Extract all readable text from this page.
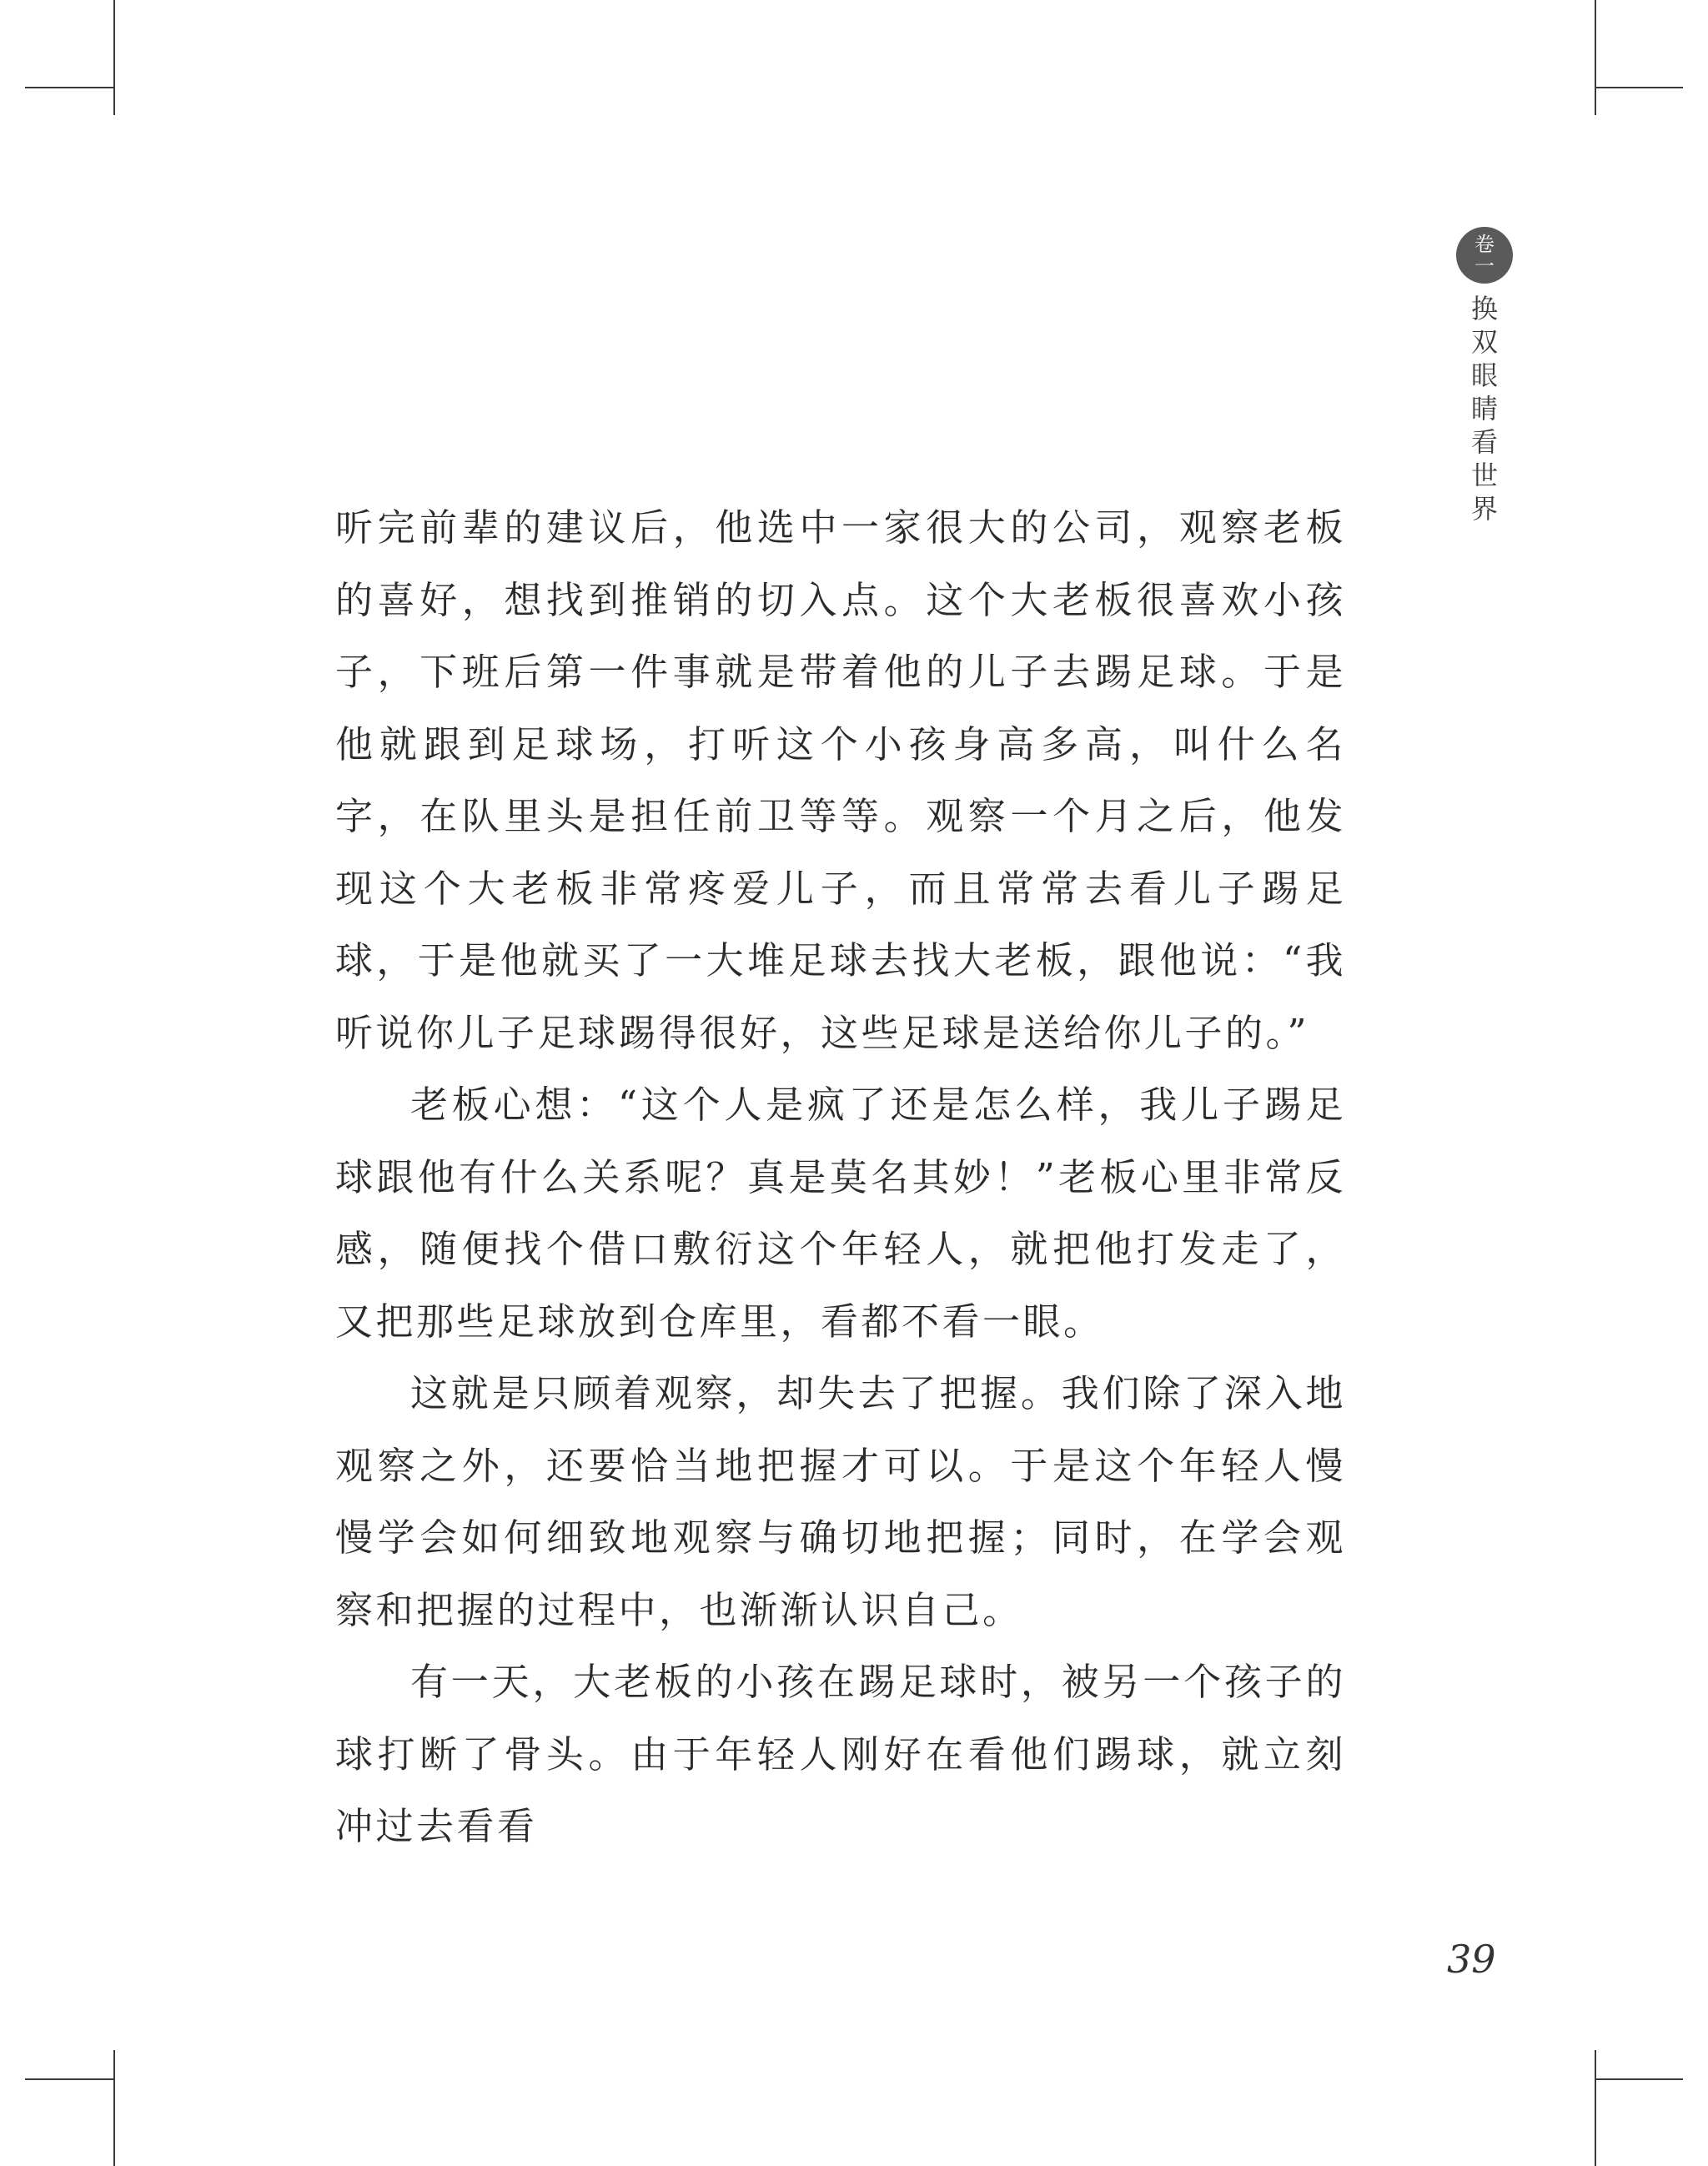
卷
一
换
双
眼
睛
看
世
界

听完前辈的建议后，他选中一家很大的公司，观察老板的喜好，想找到推销的切入点。这个大老板很喜欢小孩子，下班后第一件事就是带着他的儿子去踢足球。于是他就跟到足球场，打听这个小孩身高多高，叫什么名字，在队里头是担任前卫等等。观察一个月之后，他发现这个大老板非常疼爱儿子，而且常常去看儿子踢足球，于是他就买了一大堆足球去找大老板，跟他说：“我听说你儿子足球踢得很好，这些足球是送给你儿子的。”

老板心想：“这个人是疯了还是怎么样，我儿子踢足球跟他有什么关系呢？真是莫名其妙！”老板心里非常反感，随便找个借口敷衍这个年轻人，就把他打发走了，又把那些足球放到仓库里，看都不看一眼。

这就是只顾着观察，却失去了把握。我们除了深入地观察之外，还要恰当地把握才可以。于是这个年轻人慢慢学会如何细致地观察与确切地把握；同时，在学会观察和把握的过程中，也渐渐认识自己。

有一天，大老板的小孩在踢足球时，被另一个孩子的球打断了骨头。由于年轻人刚好在看他们踢球，就立刻冲过去看看

39
